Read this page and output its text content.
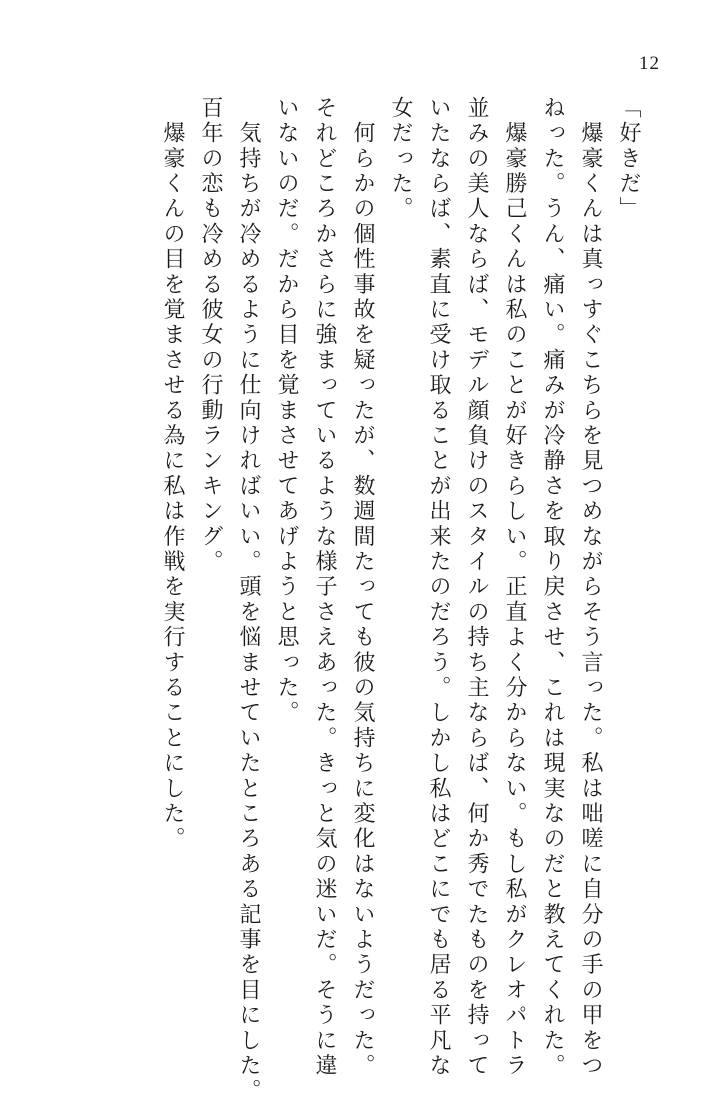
12

「好きだ」

　爆豪くんは真っすぐこちらを見つめながらそう言った。私は咄嗟に自分の手の甲をつ

ねった。うん、痛い。痛みが冷静さを取り戻させ、これは現実なのだと教えてくれた。

　爆豪勝己くんは私のことが好きらしい。正直よく分からない。もし私がクレオパトラ

並みの美人ならば、モデル顔負けのスタイルの持ち主ならば、何か秀でたものを持って

いたならば、素直に受け取ることが出来たのだろう。しかし私はどこにでも居る平凡な

女だった。

　何らかの個性事故を疑ったが、数週間たっても彼の気持ちに変化はないようだった。

それどころかさらに強まっているような様子さえあった。きっと気の迷いだ。そうに違

いないのだ。だから目を覚まさせてあげようと思った。

　気持ちが冷めるように仕向ければいい。頭を悩ませていたところある記事を目にした。

百年の恋も冷める彼女の行動ランキング。

　爆豪くんの目を覚まさせる為に私は作戦を実行することにした。
